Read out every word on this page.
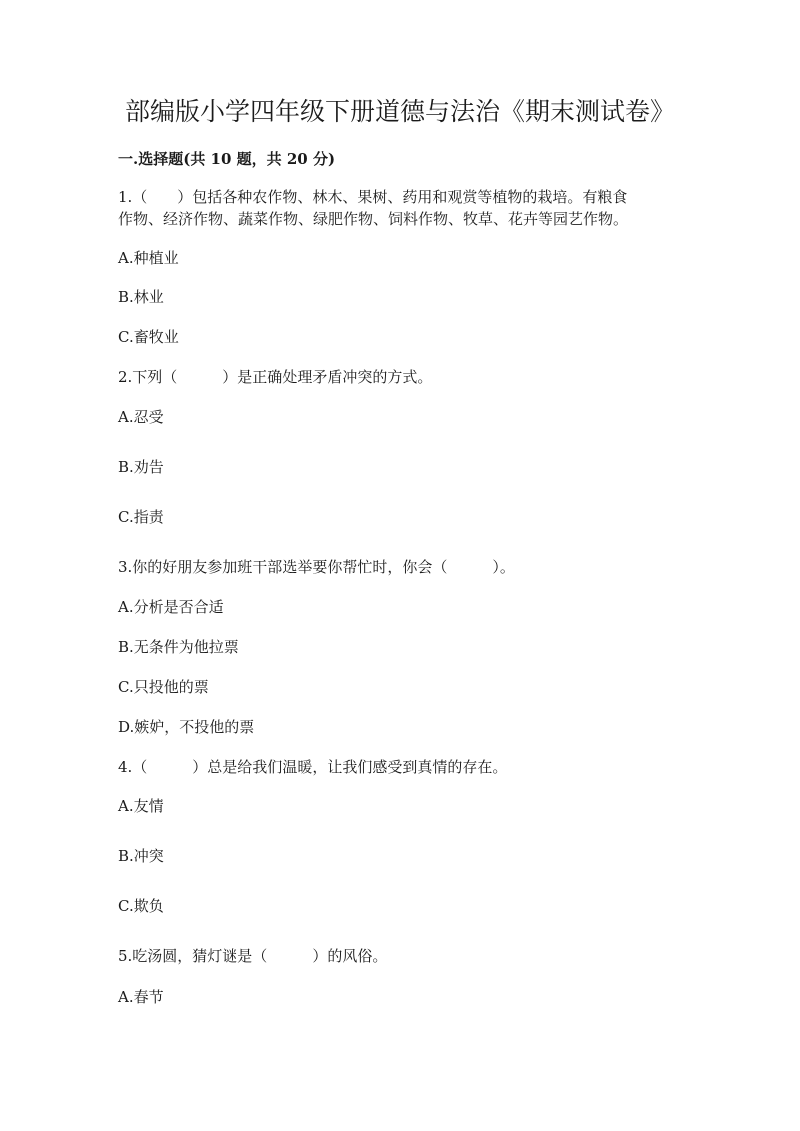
部编版小学四年级下册道德与法治《期末测试卷》
一.选择题(共 10 题，共 20 分)

1.（　　）包括各种农作物、林木、果树、药用和观赏等植物的栽培。有粮食

作物、经济作物、蔬菜作物、绿肥作物、饲料作物、牧草、花卉等园艺作物。

A.种植业

B.林业

C.畜牧业

2.下列（　　　）是正确处理矛盾冲突的方式。

A.忍受

B.劝告

C.指责

3.你的好朋友参加班干部选举要你帮忙时，你会（　　　）。

A.分析是否合适

B.无条件为他拉票

C.只投他的票

D.嫉妒，不投他的票

4.（　　　）总是给我们温暖，让我们感受到真情的存在。

A.友情

B.冲突

C.欺负

5.吃汤圆，猜灯谜是（　　　）的风俗。

A.春节
